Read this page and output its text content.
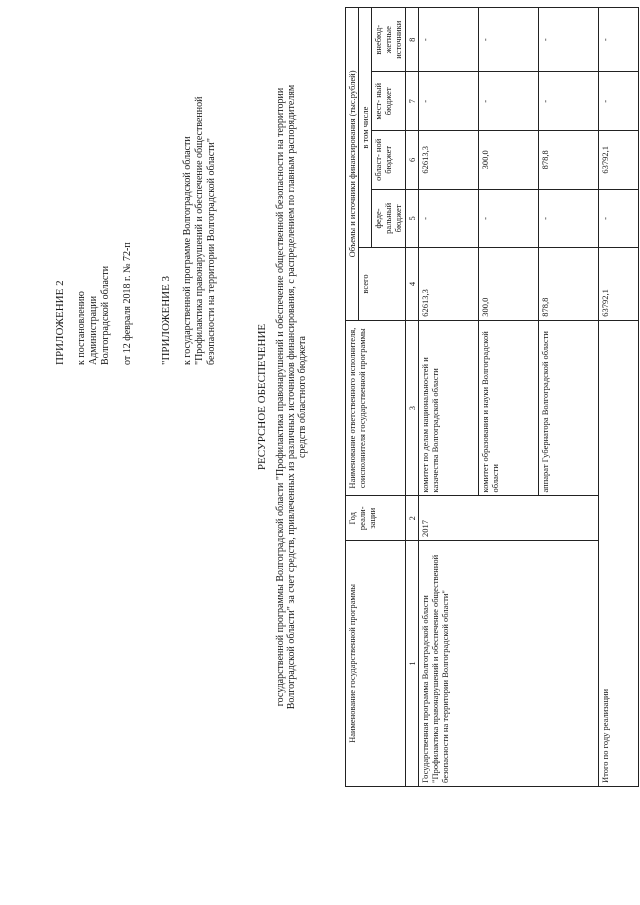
ПРИЛОЖЕНИЕ 2 к постановлению Администрации Волгоградской области от 12 февраля 2018 г. № 72-п "ПРИЛОЖЕНИЕ 3 к государственной программе Волгоградской области "Профилактика правонарушений и обеспечение общественной безопасности на территории Волгоградской области"
РЕСУРСНОЕ ОБЕСПЕЧЕНИЕ государственной программы Волгоградской области "Профилактика правонарушений и обеспечение общественной безопасности на территории Волгоградской области" за счет средств, привлеченных из различных источников финансирования, с распределением по главным распорядителям средств областного бюджета
Наименование государственной программы	Год реали- зации	Наименование ответственного исполнителя, соисполнителя государственной программы	Объемы и источники финансирования (тыс.рублей)				
			всего	в том числе			
				феде- ральный бюджет	област- ной бюджет	мест- ный бюджет	внебюд- жетные источники
1	2	3	4	5	6	7	8
Государственная программа Волгоградской области "Профилактика правонарушений и обеспечение общественной безопасности на территории Волгоградской области"	2017	комитет по делам национальностей и казачества Волгоградской области	62613,3	-	62613,3	-	-
		комитет образования и науки Волгоградской области	300,0	-	300,0	-	-
		аппарат Губернатора Волгоградской области	878,8	-	878,8	-	-
Итого по году реализации			63792,1	-	63792,1	-	-
